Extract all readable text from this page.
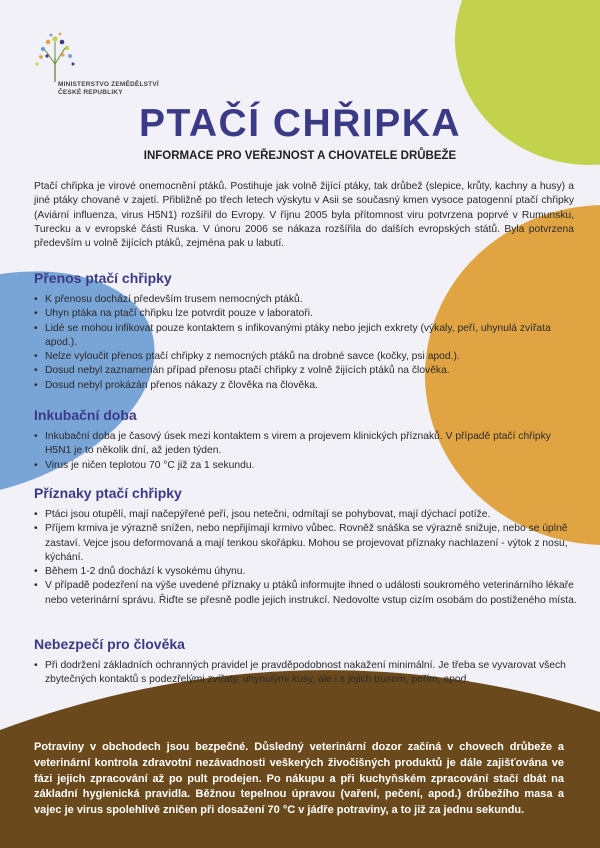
MINISTERSTVO ZEMĚDĚLSTVÍ
ČESKÉ REPUBLIKY
PTAČÍ CHŘIPKA

INFORMACE PRO VEŘEJNOST A CHOVATELE DRŮBEŽE

Ptačí chřipka je virové onemocnění ptáků. Postihuje jak volně žijící ptáky, tak drůbež (slepice, krůty, kachny a husy) a jiné ptáky chované v zajetí. Přibližně po třech letech výskytu v Asii se současný kmen vysoce patogenní ptačí chřipky (Aviární influenza, virus H5N1) rozšířil do Evropy. V říjnu 2005 byla přítomnost viru potvrzena poprvé v Rumunsku, Turecku a v evropské části Ruska. V únoru 2006 se nákaza rozšířila do dalších evropských států. Byla potvrzena především u volně žijících ptáků, zejména pak u labutí.

Přenos ptačí chřipky
• K přenosu dochází především trusem nemocných ptáků.
• Uhyn ptáka na ptačí chřipku lze potvrdit pouze v laboratoři.
• Lidé se mohou infikovat pouze kontaktem s infikovanými ptáky nebo jejich exkrety (výkaly, peří, uhynulá zvířata apod.).
• Nelze vyloučit přenos ptačí chřipky z nemocných ptáků na drobné savce (kočky, psi apod.).
• Dosud nebyl zaznamenán případ přenosu ptačí chřipky z volně žijících ptáků na člověka.
• Dosud nebyl prokázán přenos nákazy z člověka na člověka.
Inkubační doba
• Inkubační doba je časový úsek mezi kontaktem s virem a projevem klinických příznaků. V případě ptačí chřipky H5N1 je to několik dní, až jeden týden.
• Virus je ničen teplotou 70 °C již za 1 sekundu.
Příznaky ptačí chřipky
• Ptáci jsou otupělí, mají načepýřené peří, jsou netečni, odmítají se pohybovat, mají dýchací potíže.
• Příjem krmiva je výrazně snížen, nebo nepřijímají krmivo vůbec. Rovněž snáška se výrazně snižuje, nebo se úplně zastaví. Vejce jsou deformovaná a mají tenkou skořápku. Mohou se projevovat příznaky nachlazení - výtok z nosu, kýchání.
• Během 1-2 dnů dochází k vysokému úhynu.
• V případě podezření na výše uvedené příznaky u ptáků informujte ihned o události soukromého veterinárního lékaře nebo veterinární správu. Řiďte se přesně podle jejich instrukcí. Nedovolte vstup cizím osobám do postiženého místa.
Nebezpečí pro člověka
• Při dodržení základních ochranných pravidel je pravděpodobnost nakažení minimální. Je třeba se vyvarovat všech zbytečných kontaktů s podezřelými zvířaty, uhynulými kusy, ale i s jejich trusem, peřím, apod.

Potraviny v obchodech jsou bezpečné. Důsledný veterinární dozor začíná v chovech drůbeže a veterinární kontrola zdravotní nezávadnosti veškerých živočišných produktů je dále zajišťována ve fázi jejich zpracování až po pult prodejen. Po nákupu a při kuchyňském zpracování stačí dbát na základní hygienická pravidla. Běžnou tepelnou úpravou (vaření, pečení, apod.) drůbežího masa a vajec je virus spolehlivě zničen při dosažení 70 °C v jádře potraviny, a to již za jednu sekundu.
